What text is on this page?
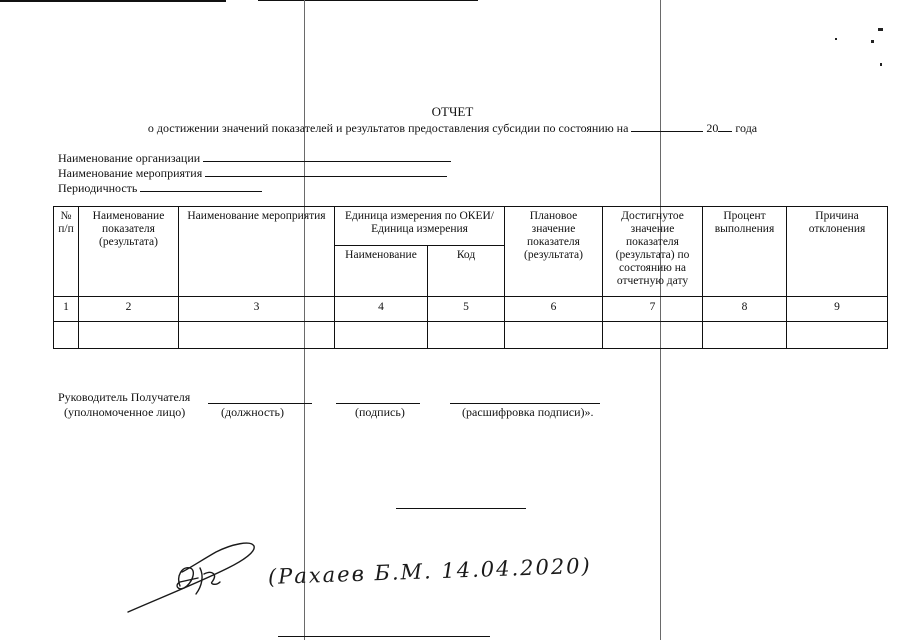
ОТЧЕТ
о достижении значений показателей и результатов предоставления субсидии по состоянию на	20 года
Наименование организации
Наименование мероприятия
Периодичность
№ п/п	Наименование показателя (результата)	Наименование мероприятия	Единица измерения по ОКЕИ/Единица измерения		Плановое значение показателя (результата)	Достигнутое значение показателя (результата) по состоянию на отчетную дату	Процент выполнения	Причина отклонения
			Наименование	Код				
1	2	3	4	5	6	7	8	9

Руководитель Получателя
(уполномоченное лицо)	(должность)	(подпись)	(расшифровка подписи)».
(Рахаев Б.М. 14.04.2020)
